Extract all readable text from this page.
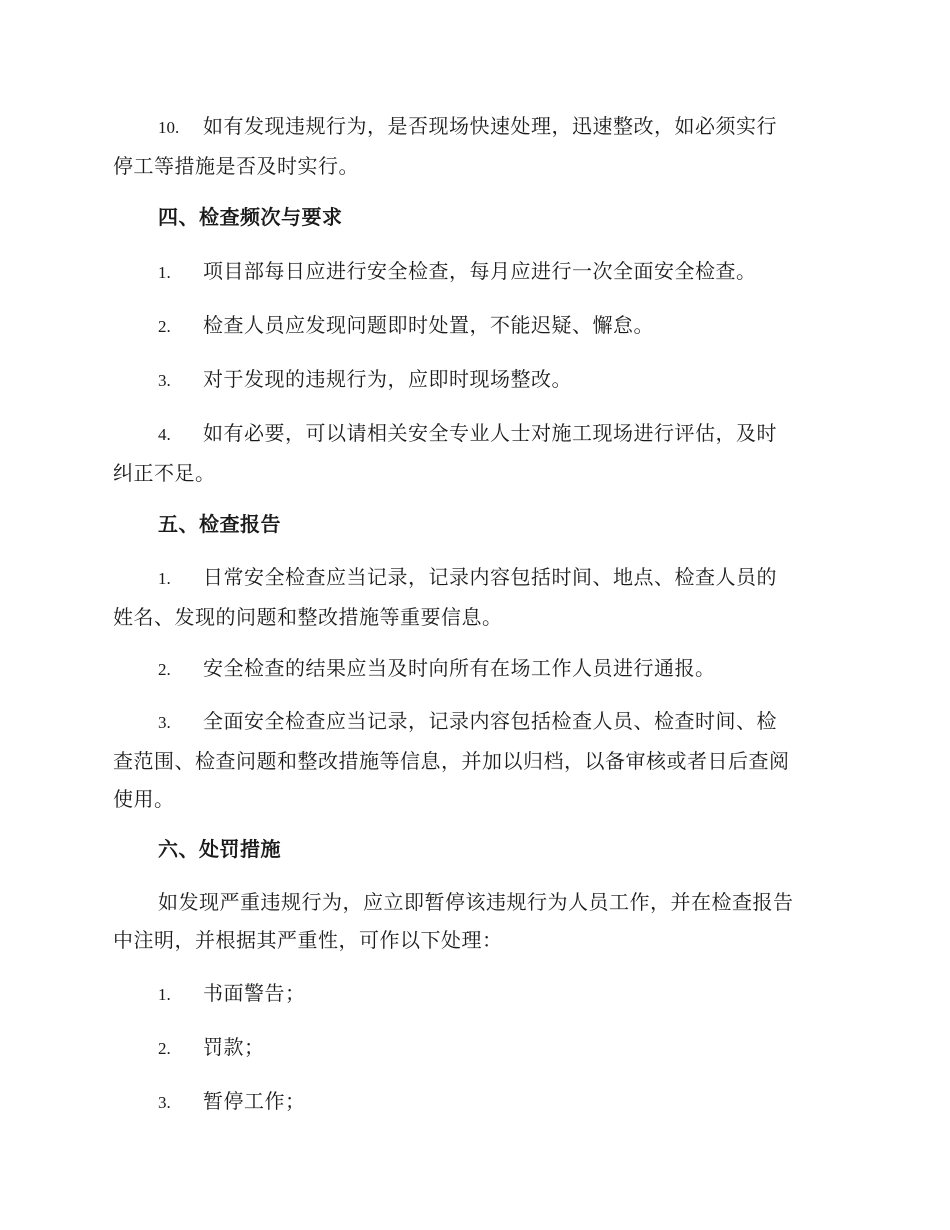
10. 如有发现违规行为，是否现场快速处理，迅速整改，如必须实行
停工等措施是否及时实行。
四、检查频次与要求
1. 项目部每日应进行安全检查，每月应进行一次全面安全检查。
2. 检查人员应发现问题即时处置，不能迟疑、懈怠。
3. 对于发现的违规行为，应即时现场整改。
4. 如有必要，可以请相关安全专业人士对施工现场进行评估，及时
纠正不足。
五、检查报告
1. 日常安全检查应当记录，记录内容包括时间、地点、检查人员的
姓名、发现的问题和整改措施等重要信息。
2. 安全检查的结果应当及时向所有在场工作人员进行通报。
3. 全面安全检查应当记录，记录内容包括检查人员、检查时间、检
查范围、检查问题和整改措施等信息，并加以归档，以备审核或者日后查阅
使用。
六、处罚措施
如发现严重违规行为，应立即暂停该违规行为人员工作，并在检查报告
中注明，并根据其严重性，可作以下处理：
1. 书面警告；
2. 罚款；
3. 暂停工作；
